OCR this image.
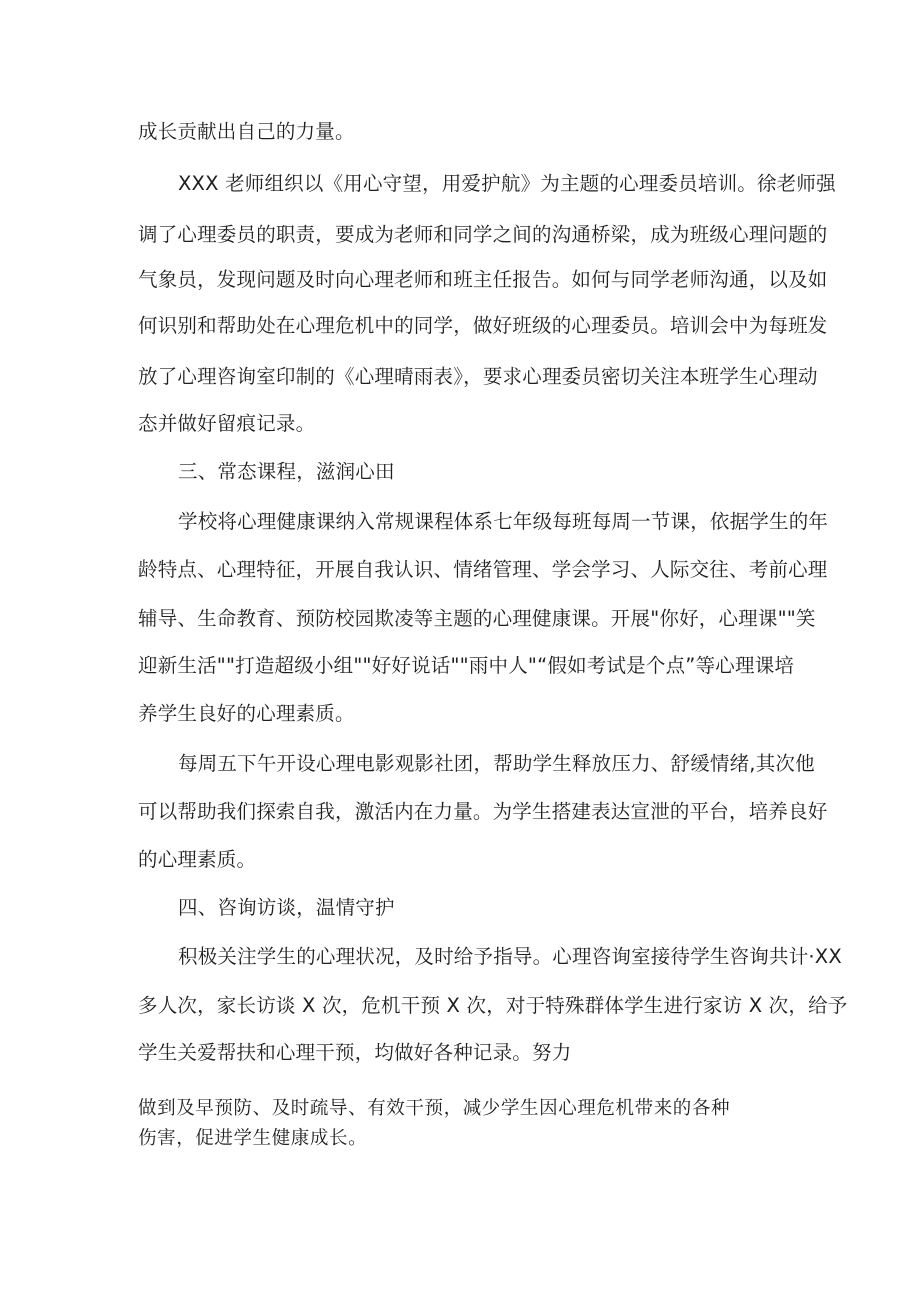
成长贡献出自己的力量。
XXX 老师组织以《用心守望，用爱护航》为主题的心理委员培训。徐老师强
调了心理委员的职责，要成为老师和同学之间的沟通桥梁，成为班级心理问题的
气象员，发现问题及时向心理老师和班主任报告。如何与同学老师沟通，以及如
何识别和帮助处在心理危机中的同学，做好班级的心理委员。培训会中为每班发
放了心理咨询室印制的《心理晴雨表》，要求心理委员密切关注本班学生心理动
态并做好留痕记录。
三、常态课程，滋润心田
学校将心理健康课纳入常规课程体系七年级每班每周一节课，依据学生的年
龄特点、心理特征，开展自我认识、情绪管理、学会学习、人际交往、考前心理
辅导、生命教育、预防校园欺凌等主题的心理健康课。开展"你好，心理课""笑
迎新生活""打造超级小组""好好说话""雨中人"“假如考试是个点”等心理课培
养学生良好的心理素质。
每周五下午开设心理电影观影社团，帮助学生释放压力、舒缓情绪,其次他
可以帮助我们探索自我，激活内在力量。为学生搭建表达宣泄的平台，培养良好
的心理素质。
四、咨询访谈，温情守护
积极关注学生的心理状况，及时给予指导。心理咨询室接待学生咨询共计·XX
多人次，家长访谈 X 次，危机干预 X 次，对于特殊群体学生进行家访 X 次，给予
学生关爱帮扶和心理干预，均做好各种记录。努力
做到及早预防、及时疏导、有效干预，减少学生因心理危机带来的各种
伤害，促进学生健康成长。
